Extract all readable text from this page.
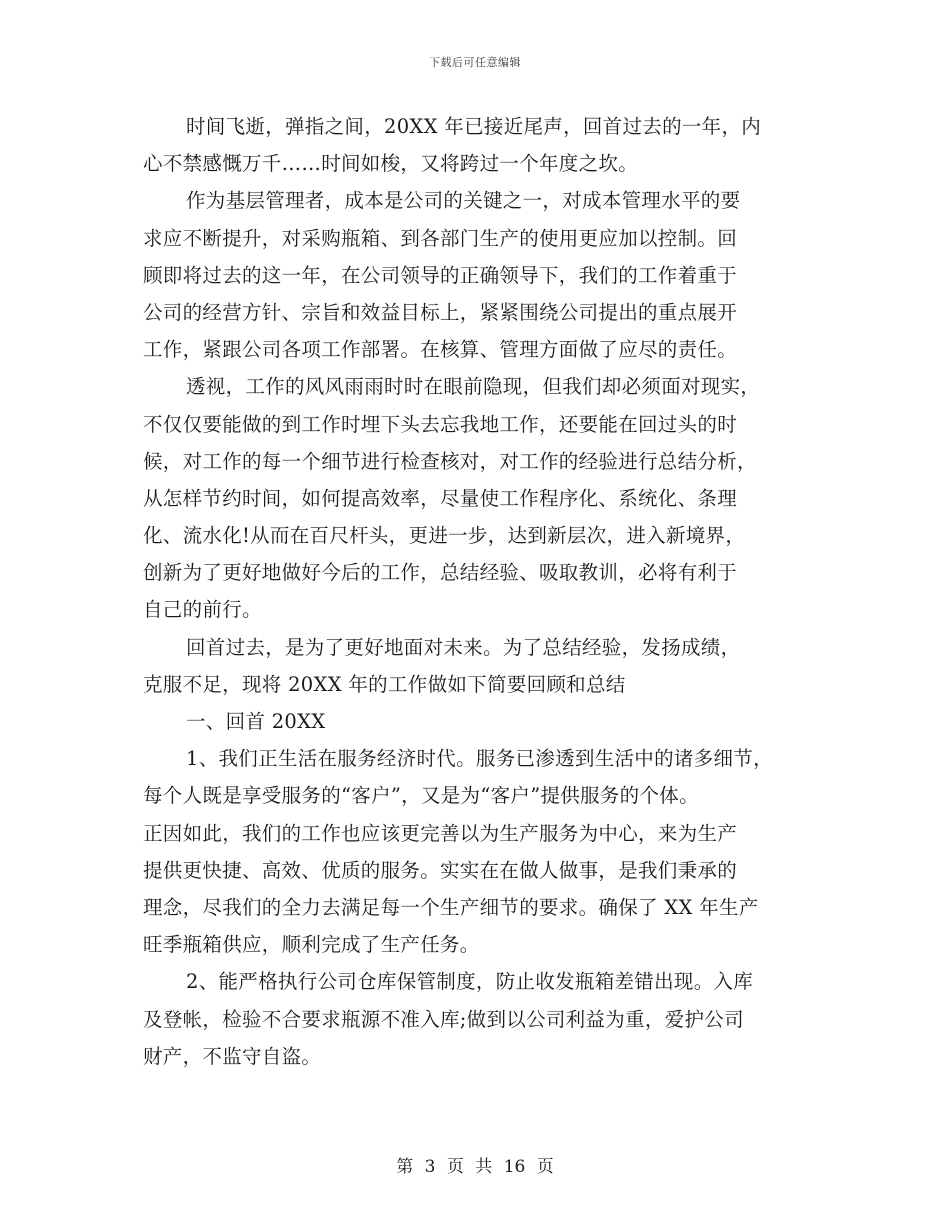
下载后可任意编辑
时间飞逝，弹指之间，20XX 年已接近尾声，回首过去的一年，内
心不禁感慨万千……时间如梭，又将跨过一个年度之坎。
作为基层管理者，成本是公司的关键之一，对成本管理水平的要
求应不断提升，对采购瓶箱、到各部门生产的使用更应加以控制。回
顾即将过去的这一年，在公司领导的正确领导下，我们的工作着重于
公司的经营方针、宗旨和效益目标上，紧紧围绕公司提出的重点展开
工作，紧跟公司各项工作部署。在核算、管理方面做了应尽的责任。
透视，工作的风风雨雨时时在眼前隐现，但我们却必须面对现实，
不仅仅要能做的到工作时埋下头去忘我地工作，还要能在回过头的时
候，对工作的每一个细节进行检查核对，对工作的经验进行总结分析，
从怎样节约时间，如何提高效率，尽量使工作程序化、系统化、条理
化、流水化!从而在百尺杆头，更进一步，达到新层次，进入新境界，
创新为了更好地做好今后的工作，总结经验、吸取教训，必将有利于
自己的前行。
回首过去，是为了更好地面对未来。为了总结经验，发扬成绩，
克服不足，现将 20XX 年的工作做如下简要回顾和总结
一、回首 20XX
1、我们正生活在服务经济时代。服务已渗透到生活中的诸多细节，
每个人既是享受服务的“客户”，又是为“客户”提供服务的个体。
正因如此，我们的工作也应该更完善以为生产服务为中心，来为生产
提供更快捷、高效、优质的服务。实实在在做人做事，是我们秉承的
理念，尽我们的全力去满足每一个生产细节的要求。确保了 XX 年生产
旺季瓶箱供应，顺利完成了生产任务。
2、能严格执行公司仓库保管制度，防止收发瓶箱差错出现。入库
及登帐，检验不合要求瓶源不准入库;做到以公司利益为重，爱护公司
财产，不监守自盗。
第 3 页 共 16 页
